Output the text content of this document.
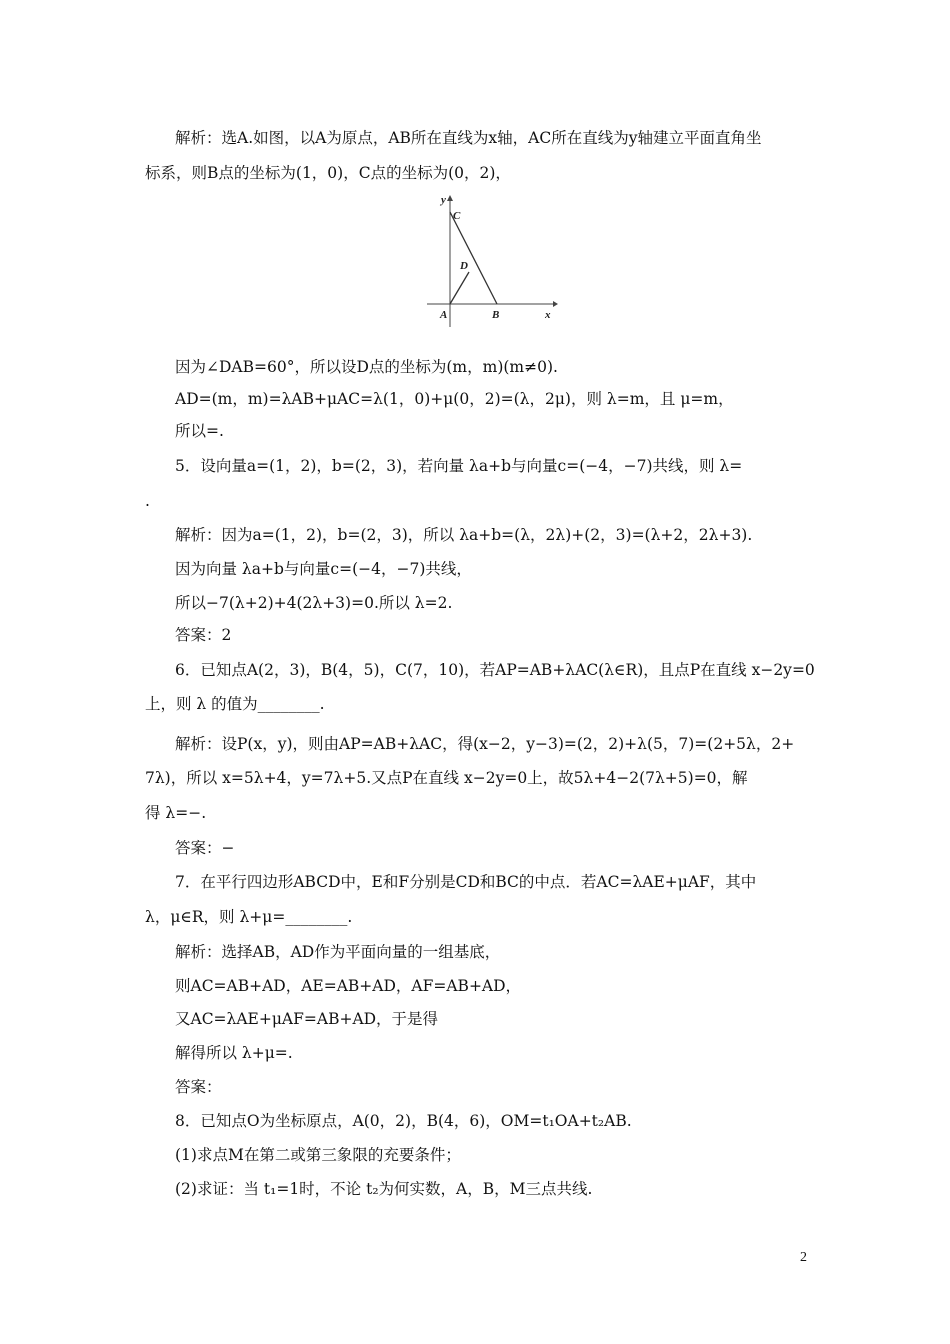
解析：选A.如图，以A为原点，AB所在直线为x轴，AC所在直线为y轴建立平面直角坐
标系，则B点的坐标为(1，0)，C点的坐标为(0，2)，
y
x
C
D
A	B
因为∠DAB=60°，所以设D点的坐标为(m，m)(m≠0).
AD=(m，m)=λAB+μAC=λ(1，0)+μ(0，2)=(λ，2μ)，则 λ=m，且 μ=m，
所以=.
5．设向量a=(1，2)，b=(2，3)，若向量 λa+b与向量c=(−4，−7)共线，则 λ=
.
解析：因为a=(1，2)，b=(2，3)，所以 λa+b=(λ，2λ)+(2，3)=(λ+2，2λ+3).
因为向量 λa+b与向量c=(−4，−7)共线，
所以−7(λ+2)+4(2λ+3)=0.所以 λ=2.
答案：2
6．已知点A(2，3)，B(4，5)，C(7，10)，若AP=AB+λAC(λ∈R)，且点P在直线 x−2y=0
上，则 λ 的值为________.
解析：设P(x，y)，则由AP=AB+λAC，得(x−2，y−3)=(2，2)+λ(5，7)=(2+5λ，2+
7λ)，所以 x=5λ+4，y=7λ+5.又点P在直线 x−2y=0上，故5λ+4−2(7λ+5)=0，解
得 λ=−.
答案：−
7．在平行四边形ABCD中，E和F分别是CD和BC的中点．若AC=λAE+μAF，其中
λ，μ∈R，则 λ+μ=________.
解析：选择AB，AD作为平面向量的一组基底，
则AC=AB+AD，AE=AB+AD，AF=AB+AD，
又AC=λAE+μAF=AB+AD，于是得
解得所以 λ+μ=.
答案：
8．已知点O为坐标原点，A(0，2)，B(4，6)，OM=t₁OA+t₂AB.
(1)求点M在第二或第三象限的充要条件；
(2)求证：当 t₁=1时，不论 t₂为何实数，A，B，M三点共线.
2
